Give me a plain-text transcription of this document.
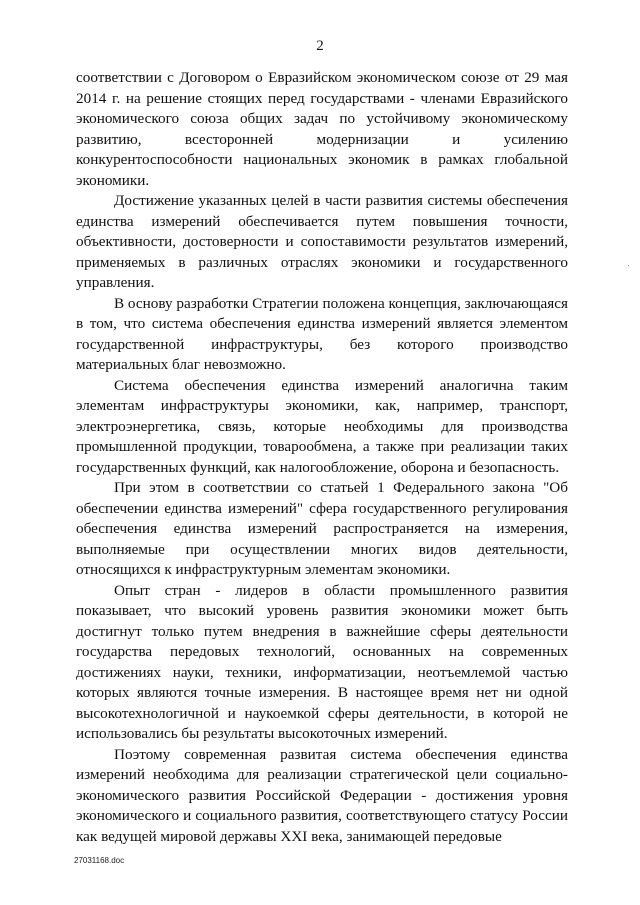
2

соответствии с Договором о Евразийском экономическом союзе от 29 мая 2014 г. на решение стоящих перед государствами - членами Евразийского экономического союза общих задач по устойчивому экономическому развитию, всесторонней модернизации и усилению конкурентоспособности национальных экономик в рамках глобальной экономики.

Достижение указанных целей в части развития системы обеспечения единства измерений обеспечивается путем повышения точности, объективности, достоверности и сопоставимости результатов измерений, применяемых в различных отраслях экономики и государственного управления.

В основу разработки Стратегии положена концепция, заключающаяся в том, что система обеспечения единства измерений является элементом государственной инфраструктуры, без которого производство материальных благ невозможно.

Система обеспечения единства измерений аналогична таким элементам инфраструктуры экономики, как, например, транспорт, электроэнергетика, связь, которые необходимы для производства промышленной продукции, товарообмена, а также при реализации таких государственных функций, как налогообложение, оборона и безопасность.

При этом в соответствии со статьей 1 Федерального закона "Об обеспечении единства измерений" сфера государственного регулирования обеспечения единства измерений распространяется на измерения, выполняемые при осуществлении многих видов деятельности, относящихся к инфраструктурным элементам экономики.

Опыт стран - лидеров в области промышленного развития показывает, что высокий уровень развития экономики может быть достигнут только путем внедрения в важнейшие сферы деятельности государства передовых технологий, основанных на современных достижениях науки, техники, информатизации, неотъемлемой частью которых являются точные измерения. В настоящее время нет ни одной высокотехнологичной и наукоемкой сферы деятельности, в которой не использовались бы результаты высокоточных измерений.

Поэтому современная развитая система обеспечения единства измерений необходима для реализации стратегической цели социально-экономического развития Российской Федерации - достижения уровня экономического и социального развития, соответствующего статусу России как ведущей мировой державы XXI века, занимающей передовые

27031168.doc
